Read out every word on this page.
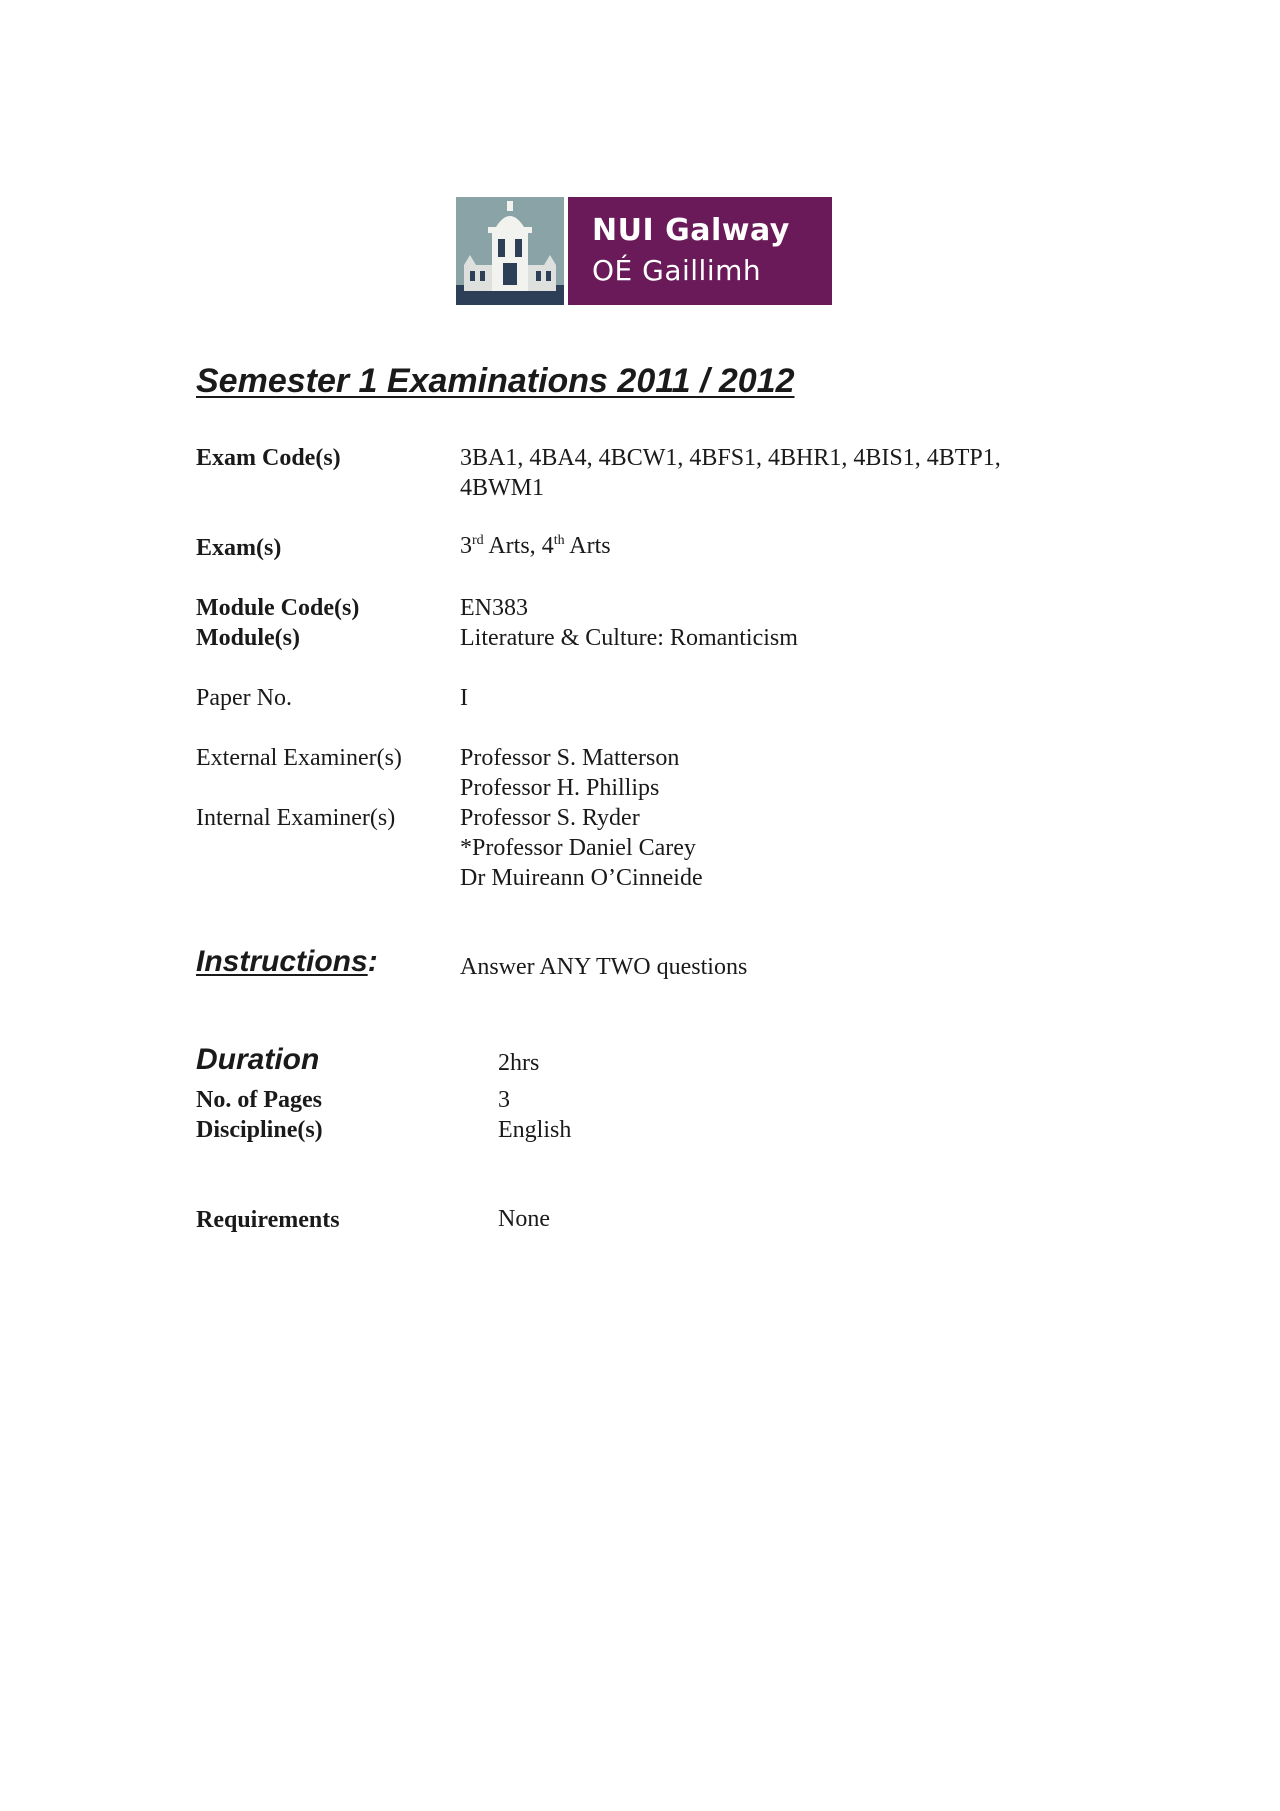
NUI Galway
OÉ Gaillimh
Semester 1 Examinations 2011 / 2012
Exam Code(s)	3BA1, 4BA4, 4BCW1, 4BFS1, 4BHR1, 4BIS1, 4BTP1,
4BWM1
Exam(s)	3rd Arts, 4th Arts
Module Code(s)	EN383
Module(s)	Literature & Culture: Romanticism
Paper No.	I
External Examiner(s) Professor S. Matterson
Professor H. Phillips
Internal Examiner(s)	Professor S. Ryder
*Professor Daniel Carey
Dr Muireann O’Cinneide
Instructions:	Answer ANY TWO questions
Duration	2hrs
No. of Pages	3
Discipline(s)	English
Requirements	None
